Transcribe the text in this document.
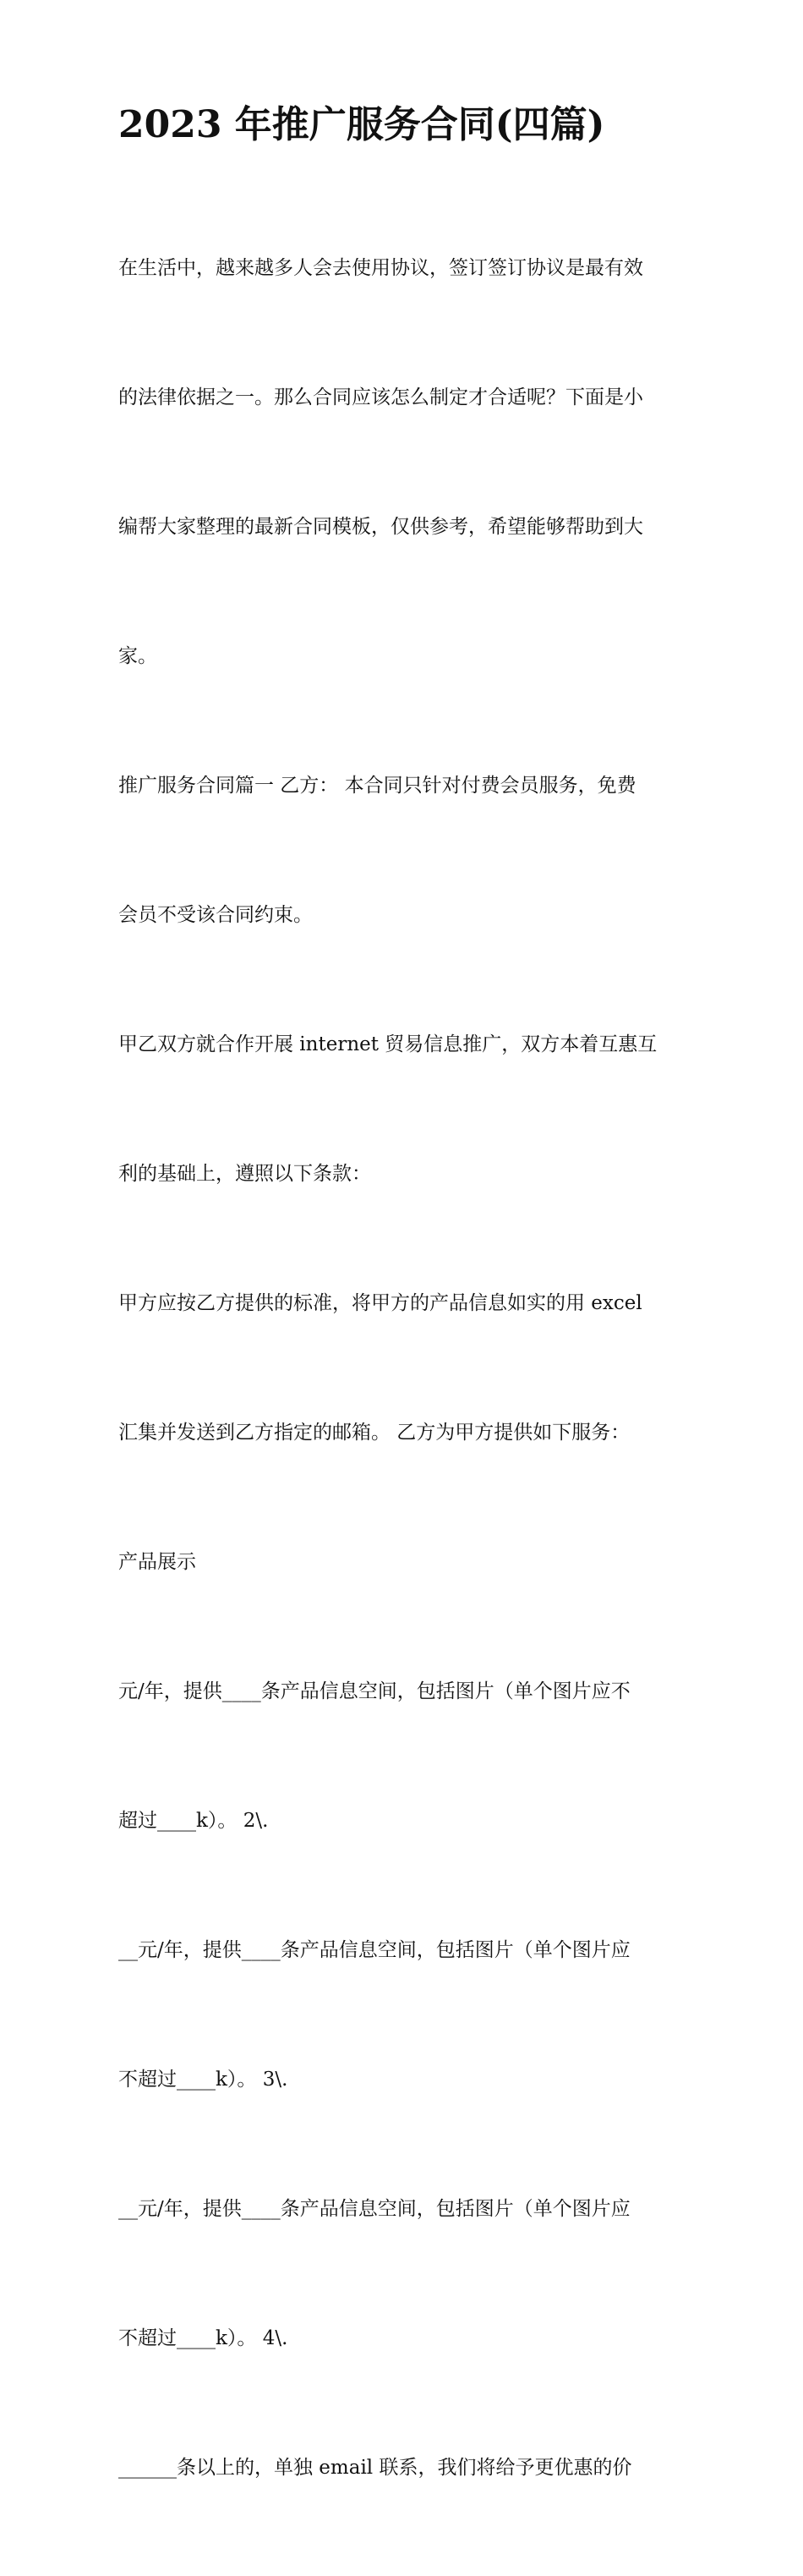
2023 年推广服务合同(四篇)

在生活中，越来越多人会去使用协议，签订签订协议是最有效

的法律依据之一。那么合同应该怎么制定才合适呢？下面是小

编帮大家整理的最新合同模板，仅供参考，希望能够帮助到大

家。

推广服务合同篇一 乙方： 本合同只针对付费会员服务，免费

会员不受该合同约束。

甲乙双方就合作开展 internet 贸易信息推广，双方本着互惠互

利的基础上，遵照以下条款：

甲方应按乙方提供的标准，将甲方的产品信息如实的用 excel

汇集并发送到乙方指定的邮箱。 乙方为甲方提供如下服务：

产品展示

元/年，提供____条产品信息空间，包括图片（单个图片应不

超过____k）。 2\.

__元/年，提供____条产品信息空间，包括图片（单个图片应

不超过____k）。 3\.

__元/年，提供____条产品信息空间，包括图片（单个图片应

不超过____k）。 4\.

______条以上的，单独 email 联系，我们将给予更优惠的价
